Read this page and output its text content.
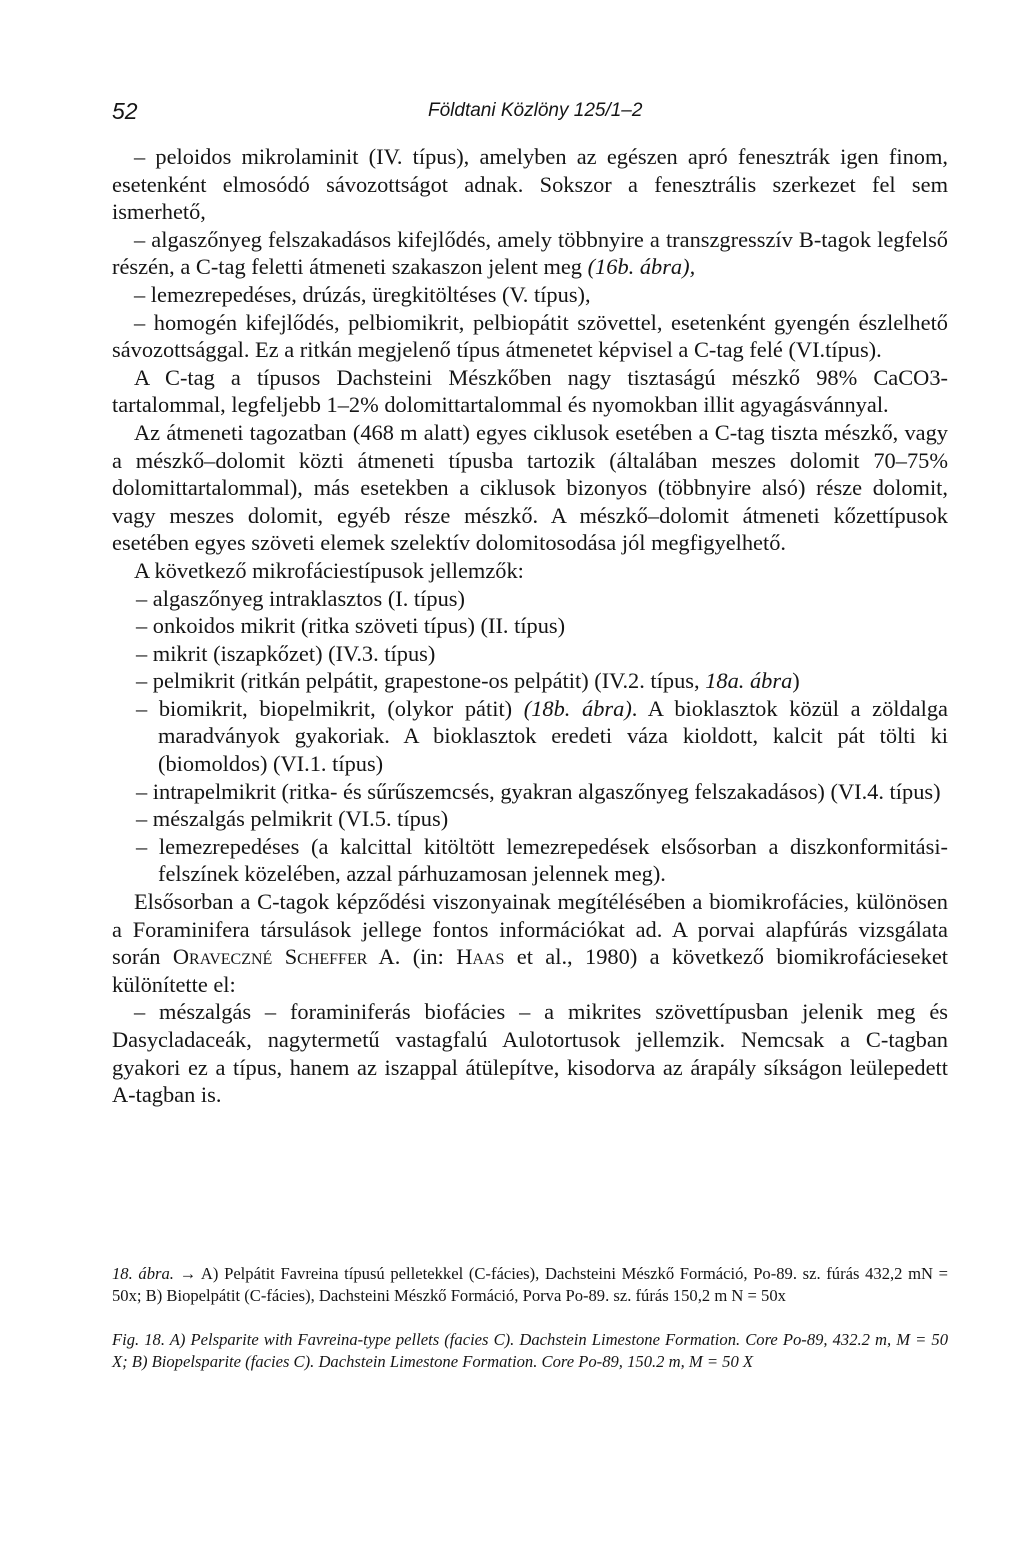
52	Földtani Közlöny 125/1–2

– peloidos mikrolaminit (IV. típus), amelyben az egészen apró fenesztrák igen finom, esetenként elmosódó sávozottságot adnak. Sokszor a fenesztrális szerkezet fel sem ismerhető,

– algaszőnyeg felszakadásos kifejlődés, amely többnyire a transzgresszív B-tagok legfelső részén, a C-tag feletti átmeneti szakaszon jelent meg (16b. ábra),

– lemezrepedéses, drúzás, üregkitöltéses (V. típus),

– homogén kifejlődés, pelbiomikrit, pelbiopátit szövettel, esetenként gyengén észlelhető sávozottsággal. Ez a ritkán megjelenő típus átmenetet képvisel a C-tag felé (VI.típus).

A C-tag a típusos Dachsteini Mészkőben nagy tisztaságú mészkő 98% CaCO3-tartalommal, legfeljebb 1–2% dolomittartalommal és nyomokban illit agyagásvánnyal.

Az átmeneti tagozatban (468 m alatt) egyes ciklusok esetében a C-tag tiszta mészkő, vagy a mészkő–dolomit közti átmeneti típusba tartozik (általában meszes dolomit 70–75% dolomittartalommal), más esetekben a ciklusok bizonyos (többnyire alsó) része dolomit, vagy meszes dolomit, egyéb része mészkő. A mészkő–dolomit átmeneti kőzettípusok esetében egyes szöveti elemek szelektív dolomitosodása jól megfigyelhető.

A következő mikrofáciestípusok jellemzők:

– algaszőnyeg intraklasztos (I. típus)

– onkoidos mikrit (ritka szöveti típus) (II. típus)

– mikrit (iszapkőzet) (IV.3. típus)

– pelmikrit (ritkán pelpátit, grapestone-os pelpátit) (IV.2. típus, 18a. ábra)

– biomikrit, biopelmikrit, (olykor pátit) (18b. ábra). A bioklasztok közül a zöldalga maradványok gyakoriak. A bioklasztok eredeti váza kioldott, kalcit pát tölti ki (biomoldos) (VI.1. típus)

– intrapelmikrit (ritka- és sűrűszemcsés, gyakran algaszőnyeg felszakadásos) (VI.4. típus)

– mészalgás pelmikrit (VI.5. típus)

– lemezrepedéses (a kalcittal kitöltött lemezrepedések elsősorban a diszkonformitási-felszínek közelében, azzal párhuzamosan jelennek meg).

Elsősorban a C-tagok képződési viszonyainak megítélésében a biomikrofácies, különösen a Foraminifera társulások jellege fontos információkat ad. A porvai alapfúrás vizsgálata során Oraveczné Scheffer A. (in: Haas et al., 1980) a következő biomikrofácieseket különítette el:

– mészalgás – foraminiferás biofácies – a mikrites szövettípusban jelenik meg és Dasycladaceák, nagytermetű vastagfalú Aulotortusok jellemzik. Nemcsak a C-tagban gyakori ez a típus, hanem az iszappal átülepítve, kisodorva az árapály síkságon leülepedett A-tagban is.

18. ábra. → A) Pelpátit Favreina típusú pelletekkel (C-fácies), Dachsteini Mészkő Formáció, Po-89. sz. fúrás 432,2 mN = 50x; B) Biopelpátit (C-fácies), Dachsteini Mészkő Formáció, Porva Po-89. sz. fúrás 150,2 m N = 50x

Fig. 18. A) Pelsparite with Favreina-type pellets (facies C). Dachstein Limestone Formation. Core Po-89, 432.2 m, M = 50 X; B) Biopelsparite (facies C). Dachstein Limestone Formation. Core Po-89, 150.2 m, M = 50 X
